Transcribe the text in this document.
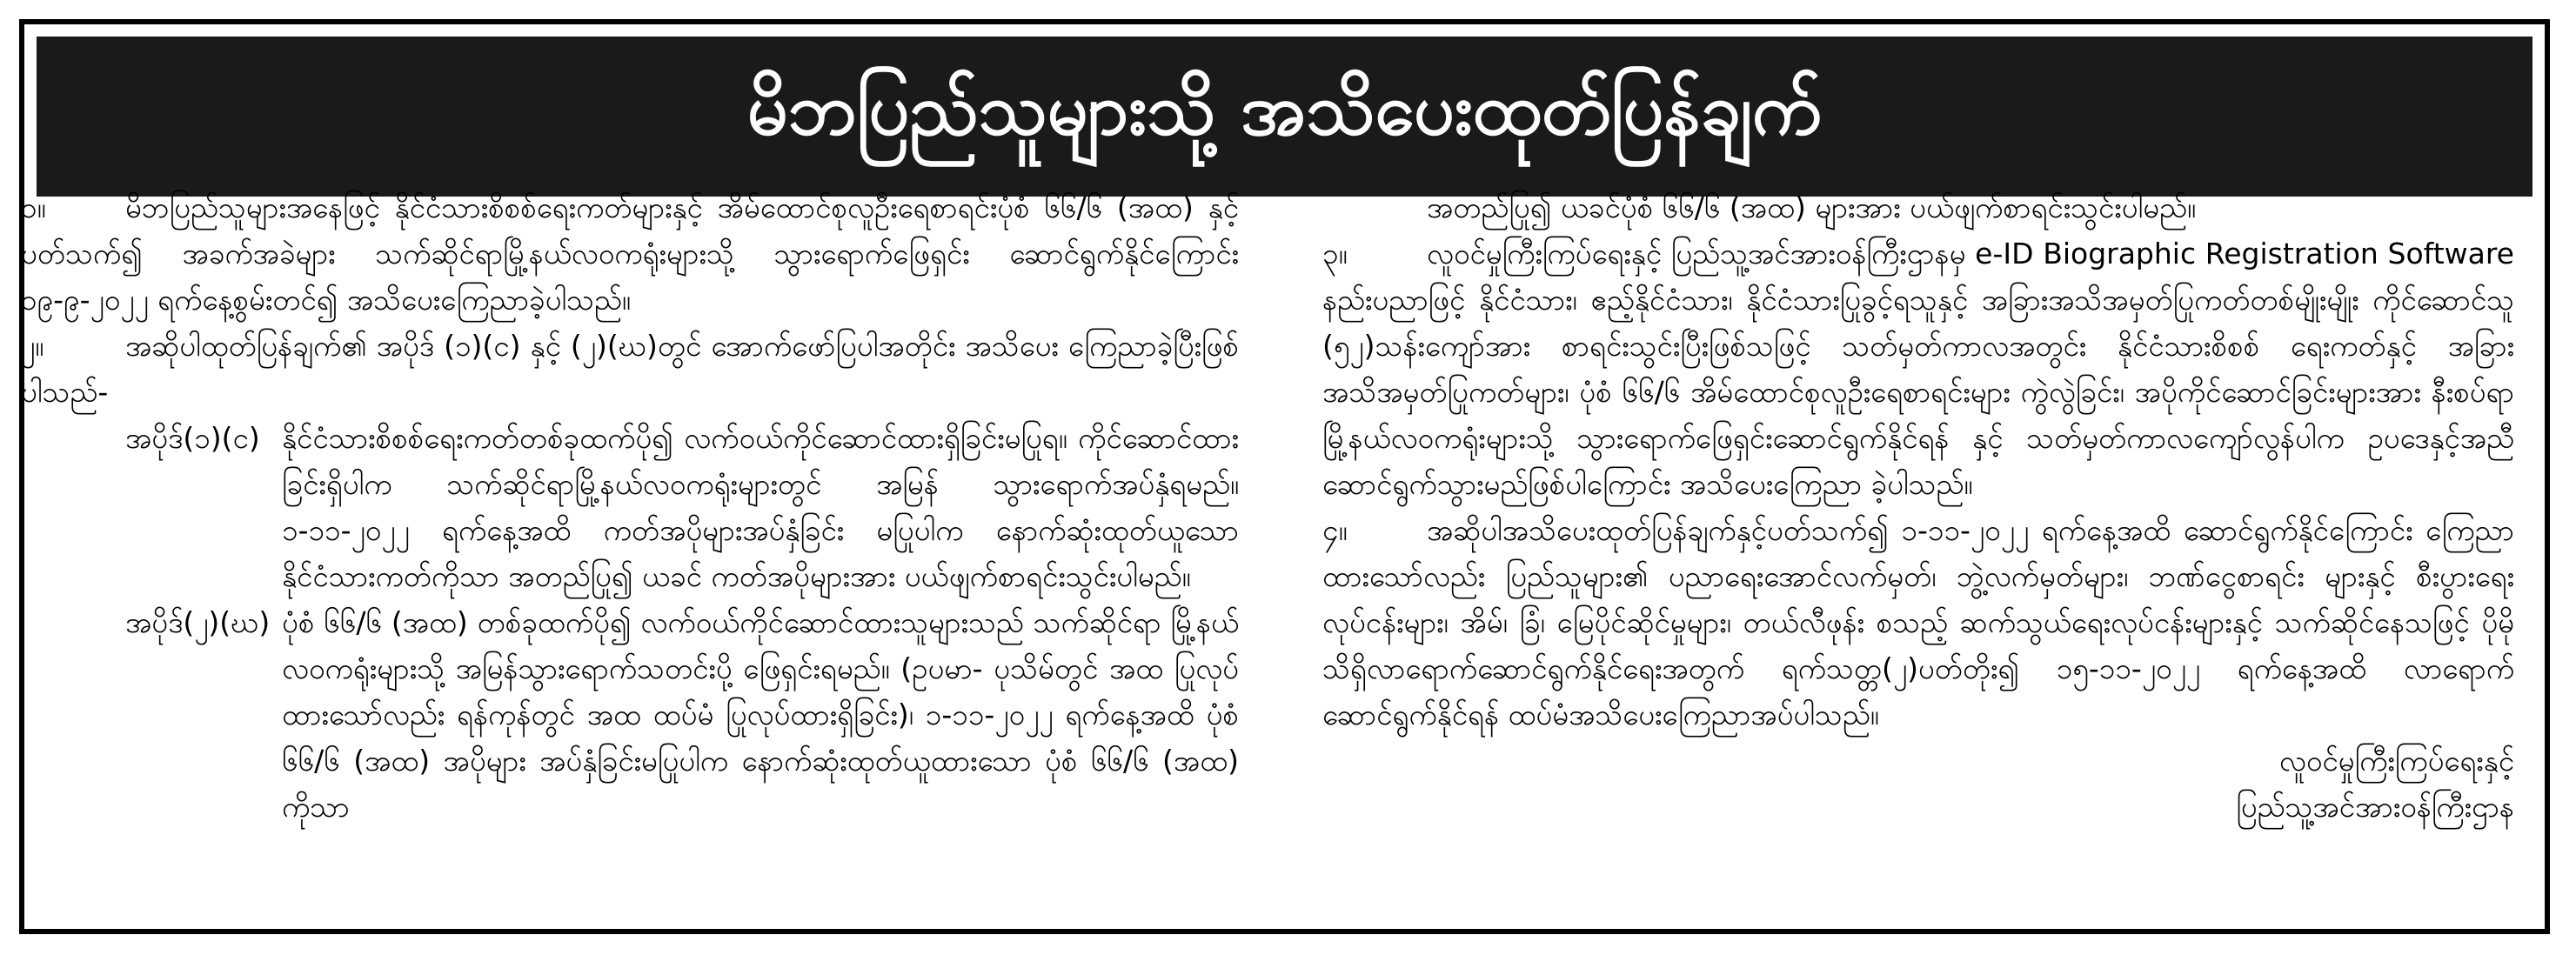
မိဘပြည်သူများသို့ အသိပေးထုတ်ပြန်ချက်

၁။	မိဘပြည်သူများအနေဖြင့် နိုင်ငံသားစိစစ်ရေးကတ်များနှင့် အိမ်ထောင်စုလူဦးရေစာရင်းပုံစံ ၆၆/၆ (အထ) နှင့်ပတ်သက်၍ အခက်အခဲများ သက်ဆိုင်ရာမြို့နယ်လဝကရုံးများသို့ သွားရောက်ဖြေရှင်း ဆောင်ရွက်နိုင်ကြောင်း ၁၉-၉-၂၀၂၂ ရက်နေ့စွမ်းတင်၍ အသိပေးကြေညာခဲ့ပါသည်။

၂။	အဆိုပါထုတ်ပြန်ချက်၏ အပိုဒ် (၁)(င) နှင့် (၂)(ဃ)တွင် အောက်ဖော်ပြပါအတိုင်း အသိပေး ကြေညာခဲ့ပြီးဖြစ်ပါသည်-

အပိုဒ်(၁)(င) နိုင်ငံသားစိစစ်ရေးကတ်တစ်ခုထက်ပို၍ လက်ဝယ်ကိုင်ဆောင်ထားရှိခြင်းမပြုရ။ ကိုင်ဆောင်ထားခြင်းရှိပါက သက်ဆိုင်ရာမြို့နယ်လဝကရုံးများတွင် အမြန် သွားရောက်အပ်နှံရမည်။ ၁-၁၁-၂၀၂၂ ရက်နေ့အထိ ကတ်အပိုများအပ်နှံခြင်း မပြုပါက နောက်ဆုံးထုတ်ယူသော နိုင်ငံသားကတ်ကိုသာ အတည်ပြု၍ ယခင် ကတ်အပိုများအား ပယ်ဖျက်စာရင်းသွင်းပါမည်။

အပိုဒ်(၂)(ဃ) ပုံစံ ၆၆/၆ (အထ) တစ်ခုထက်ပို၍ လက်ဝယ်ကိုင်ဆောင်ထားသူများသည် သက်ဆိုင်ရာ မြို့နယ်လဝကရုံးများသို့ အမြန်သွားရောက်သတင်းပို့ ဖြေရှင်းရမည်။ (ဥပမာ- ပုသိမ်တွင် အထ ပြုလုပ်ထားသော်လည်း ရန်ကုန်တွင် အထ ထပ်မံ ပြုလုပ်ထားရှိခြင်း)၊ ၁-၁၁-၂၀၂၂ ရက်နေ့အထိ ပုံစံ ၆၆/၆ (အထ) အပိုများ အပ်နှံခြင်းမပြုပါက နောက်ဆုံးထုတ်ယူထားသော ပုံစံ ၆၆/၆ (အထ) ကိုသာ

အတည်ပြု၍ ယခင်ပုံစံ ၆၆/၆ (အထ) များအား ပယ်ဖျက်စာရင်းသွင်းပါမည်။

၃။	လူဝင်မှုကြီးကြပ်ရေးနှင့် ပြည်သူ့အင်အားဝန်ကြီးဌာနမှ e-ID Biographic Registration Software နည်းပညာဖြင့် နိုင်ငံသား၊ ဧည့်နိုင်ငံသား၊ နိုင်ငံသားပြုခွင့်ရသူနှင့် အခြားအသိအမှတ်ပြုကတ်တစ်မျိုးမျိုး ကိုင်ဆောင်သူ (၅၂)သန်းကျော်အား စာရင်းသွင်းပြီးဖြစ်သဖြင့် သတ်မှတ်ကာလအတွင်း နိုင်ငံသားစိစစ် ရေးကတ်နှင့် အခြားအသိအမှတ်ပြုကတ်များ၊ ပုံစံ ၆၆/၆ အိမ်ထောင်စုလူဦးရေစာရင်းများ ကွဲလွဲခြင်း၊ အပိုကိုင်ဆောင်ခြင်းများအား နီးစပ်ရာမြို့နယ်လဝကရုံးများသို့ သွားရောက်ဖြေရှင်းဆောင်ရွက်နိုင်ရန် နှင့် သတ်မှတ်ကာလကျော်လွန်ပါက ဥပဒေနှင့်အညီ ဆောင်ရွက်သွားမည်ဖြစ်ပါကြောင်း အသိပေးကြေညာ ခဲ့ပါသည်။

၄။	အဆိုပါအသိပေးထုတ်ပြန်ချက်နှင့်ပတ်သက်၍ ၁-၁၁-၂၀၂၂ ရက်နေ့အထိ ဆောင်ရွက်နိုင်ကြောင်း ကြေညာထားသော်လည်း ပြည်သူများ၏ ပညာရေးအောင်လက်မှတ်၊ ဘွဲ့လက်မှတ်များ၊ ဘဏ်ငွေစာရင်း များနှင့် စီးပွားရေးလုပ်ငန်းများ၊ အိမ်၊ ခြံ၊ မြေပိုင်ဆိုင်မှုများ၊ တယ်လီဖုန်း စသည့် ဆက်သွယ်ရေးလုပ်ငန်းများနှင့် သက်ဆိုင်နေသဖြင့် ပိုမိုသိရှိလာရောက်ဆောင်ရွက်နိုင်ရေးအတွက် ရက်သတ္တ(၂)ပတ်တိုး၍ ၁၅-၁၁-၂၀၂၂ ရက်နေ့အထိ လာရောက်ဆောင်ရွက်နိုင်ရန် ထပ်မံအသိပေးကြေညာအပ်ပါသည်။

လူဝင်မှုကြီးကြပ်ရေးနှင့်

ပြည်သူ့အင်အားဝန်ကြီးဌာန
